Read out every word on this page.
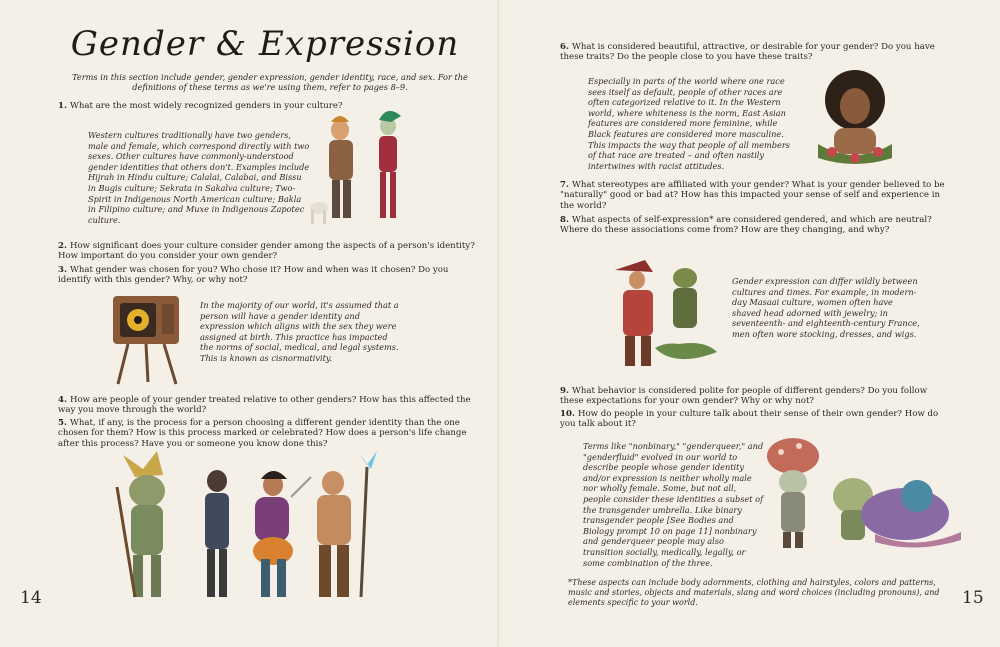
Gender & Expression
Terms in this section include gender, gender expression, gender identity, race, and sex. For the definitions of these terms as we're using them, refer to pages 8–9.
1. What are the most widely recognized genders in your culture?
Western cultures traditionally have two genders, male and female, which correspond directly with two sexes. Other cultures have commonly-understood gender identities that others don't. Examples include Hijrah in Hindu culture; Calalai, Calabai, and Bissu in Bugis culture; Sekrata in Sakalva culture; Two-Spirit in Indigenous North American culture; Bakla in Filipino culture; and Muxe in Indigenous Zapotec culture.
2. How significant does your culture consider gender among the aspects of a person's identity? How important do you consider your own gender?
3. What gender was chosen for you? Who chose it? How and when was it chosen? Do you identify with this gender? Why, or why not?
In the majority of our world, it's assumed that a person will have a gender identity and expression which aligns with the sex they were assigned at birth. This practice has impacted the norms of social, medical, and legal systems. This is known as cisnormativity.
4. How are people of your gender treated relative to other genders? How has this affected the way you move through the world?
5. What, if any, is the process for a person choosing a different gender identity than the one chosen for them? How is this process marked or celebrated? How does a person's life change after this process? Have you or someone you know done this?
14
6. What is considered beautiful, attractive, or desirable for your gender? Do you have these traits? Do the people close to you have these traits?
Especially in parts of the world where one race sees itself as default, people of other races are often categorized relative to it. In the Western world, where whiteness is the norm, East Asian features are considered more feminine, while Black features are considered more masculine. This impacts the way that people of all members of that race are treated – and often nastily intertwines with racist attitudes.
7. What stereotypes are affiliated with your gender? What is your gender believed to be "naturally" good or bad at? How has this impacted your sense of self and experience in the world?
8. What aspects of self-expression* are considered gendered, and which are neutral? Where do these associations come from? How are they changing, and why?
Gender expression can differ wildly between cultures and times. For example, in modern-day Masaai culture, women often have shaved head adorned with jewelry; in seventeenth- and eighteenth-century France, men often wore stocking, dresses, and wigs.
9. What behavior is considered polite for people of different genders? Do you follow these expectations for your own gender? Why or why not?
10. How do people in your culture talk about their sense of their own gender? How do you talk about it?
Terms like "nonbinary," "genderqueer," and "genderfluid" evolved in our world to describe people whose gender identity and/or expression is neither wholly male nor wholly female. Some, but not all, people consider these identities a subset of the transgender umbrella. Like binary transgender people [See Bodies and Biology prompt 10 on page 11] nonbinary and genderqueer people may also transition socially, medically, legally, or some combination of the three.
*These aspects can include body adornments, clothing and hairstyles, colors and patterns, music and stories, objects and materials, slang and word choices (including pronouns), and elements specific to your world.	15
